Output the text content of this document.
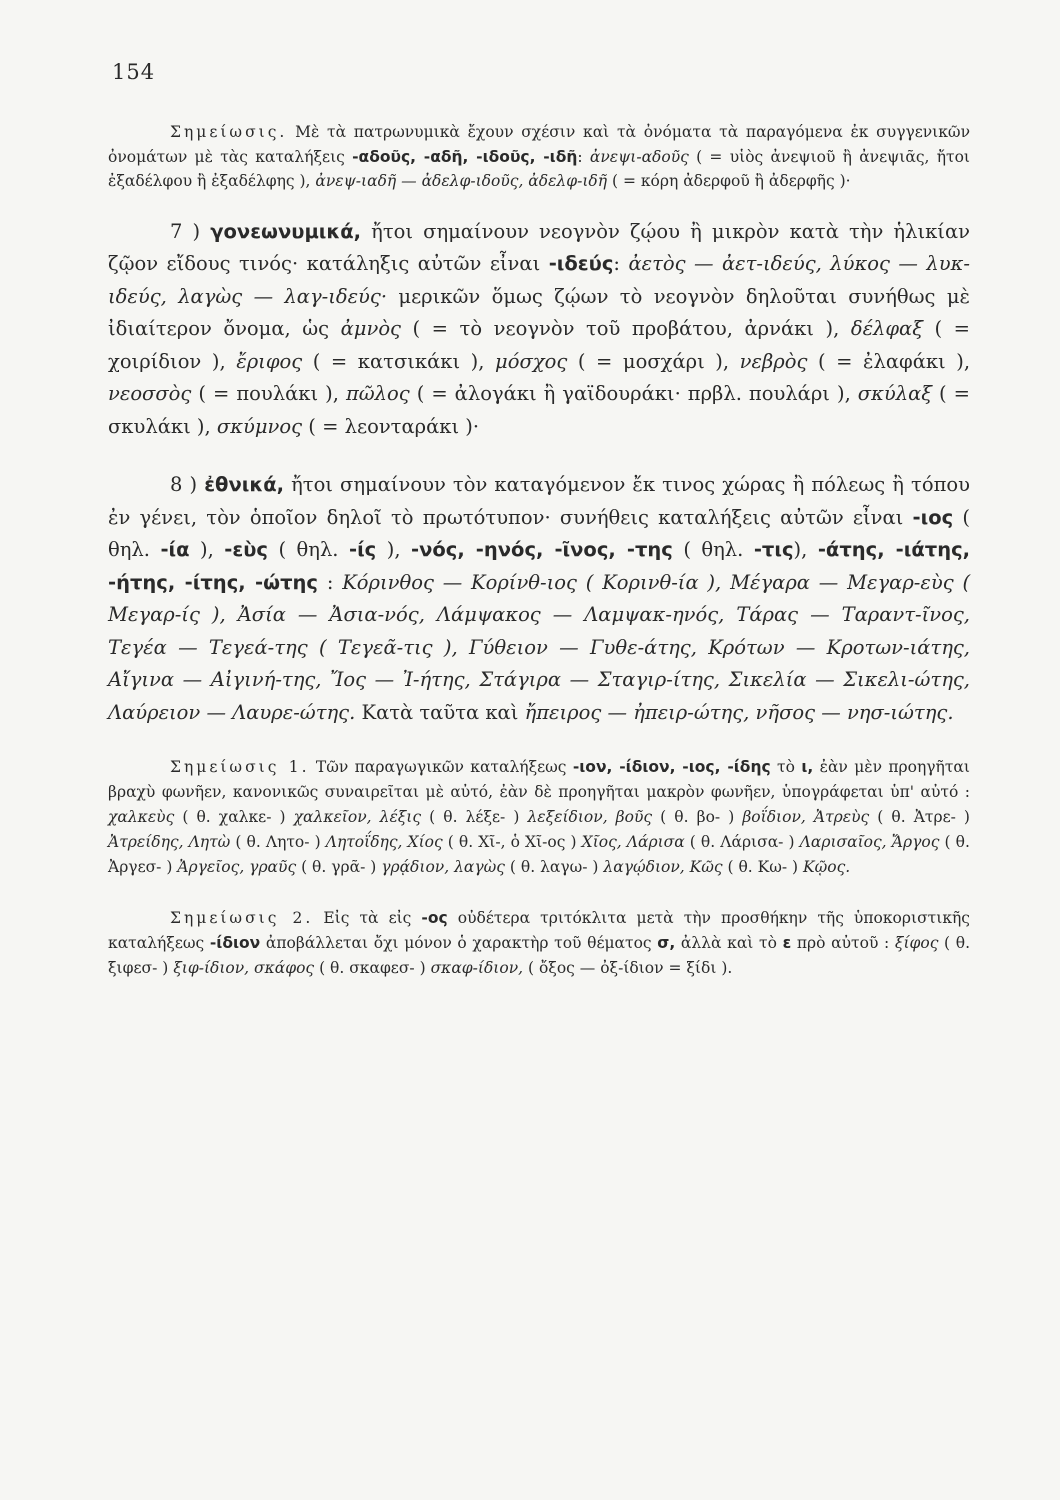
154

Σημείωσις. Μὲ τὰ πατρωνυμικὰ ἔχουν σχέσιν καὶ τὰ ὀνόματα τὰ παραγόμενα ἐκ συγγενικῶν ὀνομάτων μὲ τὰς καταλήξεις -αδοῦς, -αδῆ, -ιδοῦς, -ιδῆ: ἀνεψι-αδοῦς ( = υἱὸς ἀνεψιοῦ ἢ ἀνεψιᾶς, ἤτοι ἐξαδέλφου ἢ ἐξαδέλφης ), ἀνεψ-ιαδῆ — ἀδελφ-ιδοῦς, ἀδελφ-ιδῆ ( = κόρη ἀδερφοῦ ἢ ἀδερφῆς )·

7 ) γονεωνυμικά, ἤτοι σημαίνουν νεογνὸν ζῴου ἢ μικρὸν κατὰ τὴν ἡλικίαν ζῷον εἴδους τινός· κατάληξις αὐτῶν εἶναι -ιδεύς: ἀετὸς — ἀετ-ιδεύς, λύκος — λυκ-ιδεύς, λαγὼς — λαγ-ιδεύς· μερικῶν ὅμως ζῴων τὸ νεογνὸν δηλοῦται συνήθως μὲ ἰδιαίτερον ὄνομα, ὡς ἀμνὸς ( = τὸ νεογνὸν τοῦ προβάτου, ἀρνάκι ), δέλφαξ ( = χοιρίδιον ), ἔριφος ( = κατσικάκι ), μόσχος ( = μοσχάρι ), νεβρὸς ( = ἐλαφάκι ), νεοσσὸς ( = πουλάκι ), πῶλος ( = ἀλογάκι ἢ γαϊδουράκι· πρβλ. πουλάρι ), σκύλαξ ( = σκυλάκι ), σκύμνος ( = λεονταράκι )·

8 ) ἐθνικά, ἤτοι σημαίνουν τὸν καταγόμενον ἔκ τινος χώρας ἢ πόλεως ἢ τόπου ἐν γένει, τὸν ὁποῖον δηλοῖ τὸ πρωτότυπον· συνήθεις καταλήξεις αὐτῶν εἶναι -ιος ( θηλ. -ία ), -εὺς ( θηλ. -ίς ), -νός, -ηνός, -ῖνος, -της ( θηλ. -τις), -άτης, -ιάτης, -ήτης, -ίτης, -ώτης : Κόρινθος — Κορίνθ-ιος ( Κορινθ-ία ), Μέγαρα — Μεγαρ-εὺς ( Μεγαρ-ίς ), Ἀσία — Ἀσια-νός, Λάμψακος — Λαμψακ-ηνός, Τάρας — Ταραντ-ῖνος, Τεγέα — Τεγεά-της ( Τεγεᾶ-τις ), Γύθειον — Γυθε-άτης, Κρότων — Κροτων-ιάτης, Αἴγινα — Αἰγινή-της, Ἴος — Ἰ-ήτης, Στάγιρα — Σταγιρ-ίτης, Σικελία — Σικελι-ώτης, Λαύρειον — Λαυρε-ώτης. Κατὰ ταῦτα καὶ ἤπειρος — ἠπειρ-ώτης, νῆσος — νησ-ιώτης.

Σημείωσις 1. Τῶν παραγωγικῶν καταλήξεως -ιον, -ίδιον, -ιος, -ίδης τὸ ι, ἐὰν μὲν προηγῆται βραχὺ φωνῆεν, κανονικῶς συναιρεῖται μὲ αὐτό, ἐὰν δὲ προηγῆται μακρὸν φωνῆεν, ὑπογράφεται ὑπ' αὐτό : χαλκεὺς ( θ. χαλκε- ) χαλκεῖον, λέξις ( θ. λέξε- ) λεξείδιον, βοῦς ( θ. βο- ) βοΐδιον, Ἀτρεὺς ( θ. Ἀτρε- ) Ἀτρείδης, Λητὼ ( θ. Λητο- ) Λητοΐδης, Χίος ( θ. Χῖ-, ὁ Χῖ-ος ) Χῖος, Λάρισα ( θ. Λάρισα- ) Λαρισαῖος, Ἄργος ( θ. Ἀργεσ- ) Ἀργεῖος, γραῦς ( θ. γρᾶ- ) γρᾴδιον, λαγὼς ( θ. λαγω- ) λαγῴδιον, Κῶς ( θ. Κω- ) Κῷος.

Σημείωσις 2. Εἰς τὰ εἰς -ος οὐδέτερα τριτόκλιτα μετὰ τὴν προσθήκην τῆς ὑποκοριστικῆς καταλήξεως -ίδιον ἀποβάλλεται ὄχι μόνον ὁ χαρακτὴρ τοῦ θέματος σ, ἀλλὰ καὶ τὸ ε πρὸ αὐτοῦ : ξίφος ( θ. ξιφεσ- ) ξιφ-ίδιον, σκάφος ( θ. σκαφεσ- ) σκαφ-ίδιον, ( ὄξος — ὀξ-ίδιον = ξίδι ).
